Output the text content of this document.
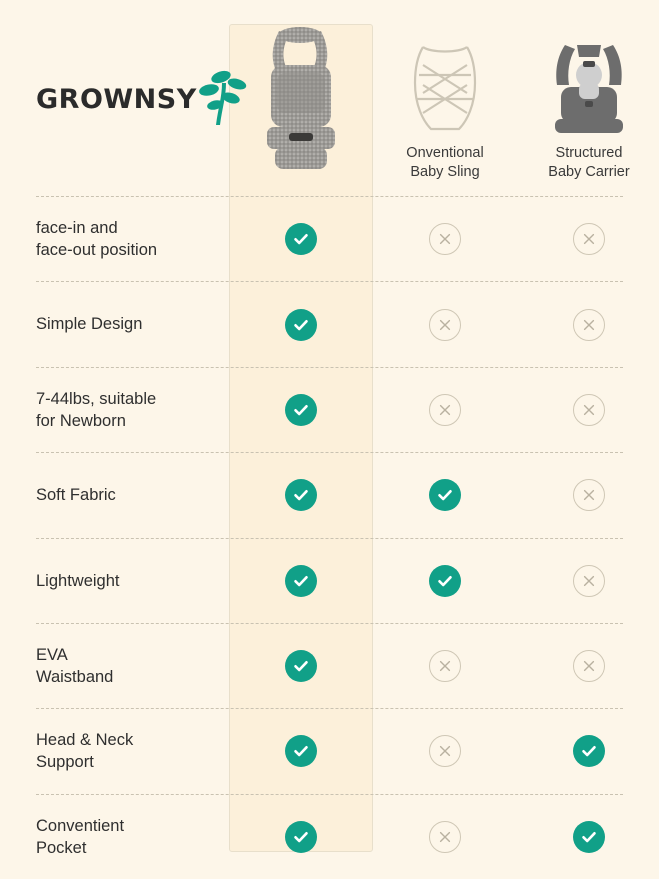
GROWNSY
Onventional
Baby Sling
Structured
Baby Carrier
face-in and
face-out position
Simple Design
7-44lbs, suitable
for Newborn
Soft Fabric
Lightweight
EVA
Waistband
Head & Neck
Support
Conventient
Pocket
